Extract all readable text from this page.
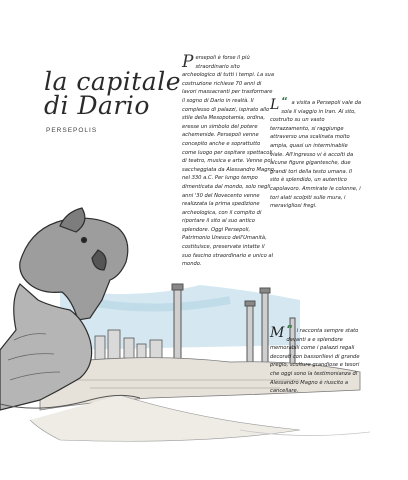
la capitale
di Dario
PERSEPOLIS
P ersepoli è forse il più straordinario sito archeologico di tutti i tempi. La sua costruzione richiese 70 anni di lavori massacranti per trasformare il sogno di Dario in realtà. Il complesso di palazzi, ispirato allo stile della Mesopotamia, ordina, eresse un simbolo del potere achemenide. Persepoli venne concepito anche e soprattutto come luogo per ospitare spettacoli di teatro, musica e arte. Venne poi saccheggiata da Alessandro Magno nel 330 a.C. Per lungo tempo dimenticata dal mondo, solo negli anni '30 del Novecento venne realizzata la prima spedizione archeologica, con il compito di riportare il sito al suo antico splendore. Oggi Persepoli, Patrimonio Unesco dell'Umanità, costituisce, preservate intatte il suo fascino straordinario e unico al mondo.
“
L a visita a Persepoli vale da sola il viaggio in Iran. Al sito, costruito su un vasto terrazzamento, si raggiunge attraverso una scalinata molto ampia, quasi un interminabile viale. All'ingresso vi è accolti da alcune figure gigantesche, due grandi tori della testo umana. Il sito è splendido, un autentico capolavoro. Ammirate le colonne, i tori alati scolpiti sulle mura, i meravigliosi fregi.
“
M i racconta sempre stato davanti a e splendore memorabili come i palazzi regali decorati con bassorilievi di grande pregio, sculture grandiose e tesori che oggi sono la testimonianza di Alessandro Magno è riuscito a cancellare.
